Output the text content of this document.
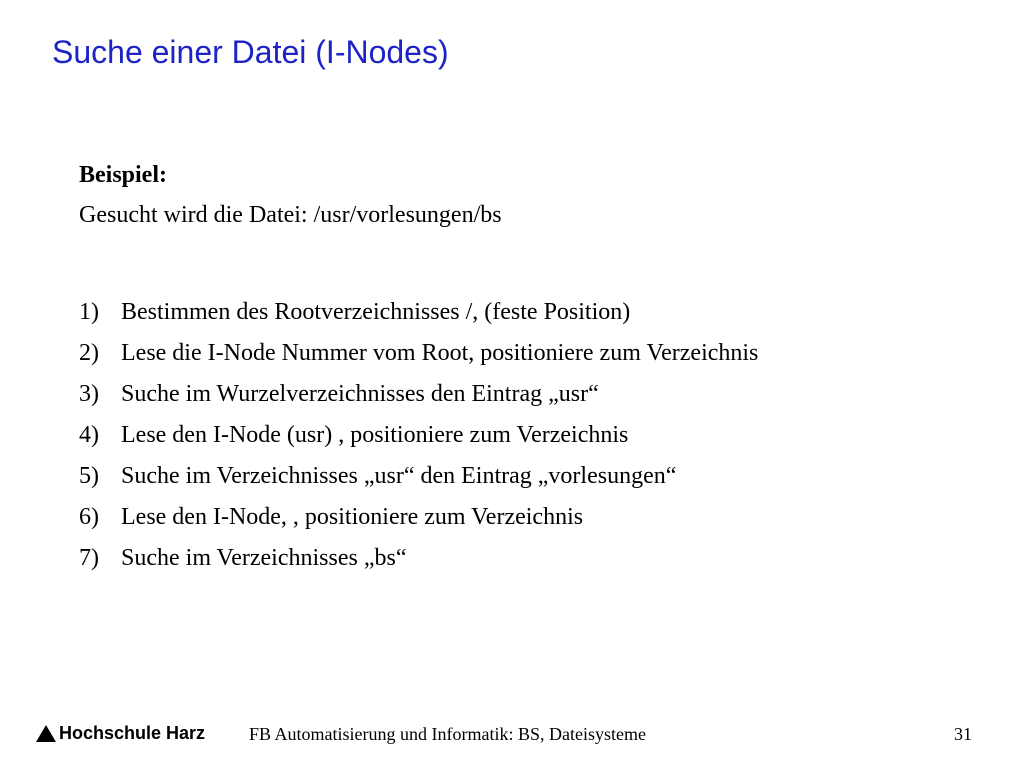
Suche einer Datei (I-Nodes)
Beispiel:
Gesucht wird die Datei: /usr/vorlesungen/bs
1) Bestimmen des Rootverzeichnisses /, (feste Position)
2) Lese die I-Node Nummer vom Root, positioniere zum Verzeichnis
3) Suche im Wurzelverzeichnisses den Eintrag „usr“
4) Lese den I-Node (usr) , positioniere zum Verzeichnis
5) Suche im Verzeichnisses „usr“ den Eintrag „vorlesungen“
6) Lese den I-Node, , positioniere zum Verzeichnis
7) Suche im Verzeichnisses „bs“
Hochschule Harz FB Automatisierung und Informatik: BS, Dateisysteme	31
